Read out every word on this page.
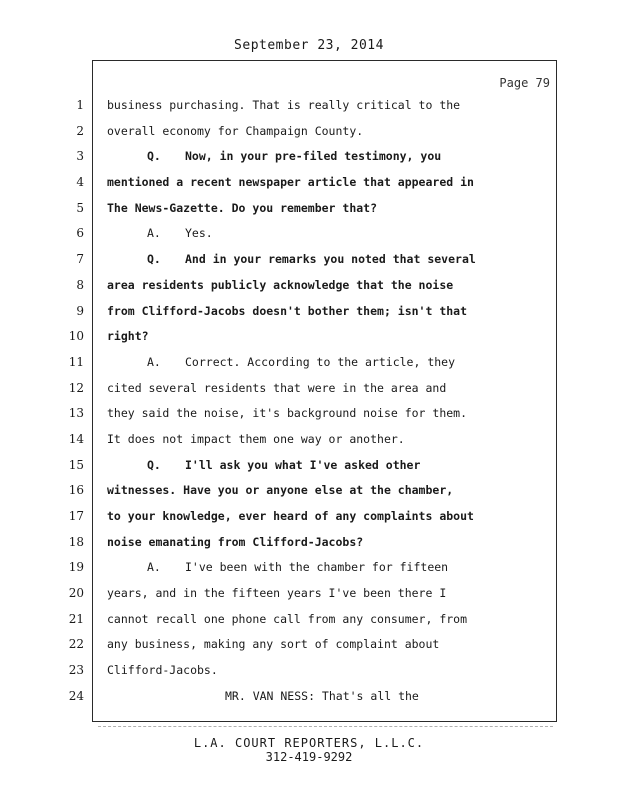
September 23, 2014
Page 79
1
2
3
4
5
6
7
8
9
10
11
12
13
14
15
16
17
18
19
20
21
22
23
24
business purchasing. That is really critical to the
overall economy for Champaign County.
Q. Now, in your pre-filed testimony, you
mentioned a recent newspaper article that appeared in
The News-Gazette. Do you remember that?
A. Yes.
Q. And in your remarks you noted that several
area residents publicly acknowledge that the noise
from Clifford-Jacobs doesn't bother them; isn't that
right?
A. Correct. According to the article, they
cited several residents that were in the area and
they said the noise, it's background noise for them.
It does not impact them one way or another.
Q. I'll ask you what I've asked other
witnesses. Have you or anyone else at the chamber,
to your knowledge, ever heard of any complaints about
noise emanating from Clifford-Jacobs?
A. I've been with the chamber for fifteen
years, and in the fifteen years I've been there I
cannot recall one phone call from any consumer, from
any business, making any sort of complaint about
Clifford-Jacobs.
MR. VAN NESS: That's all the
L.A. COURT REPORTERS, L.L.C.
312-419-9292
